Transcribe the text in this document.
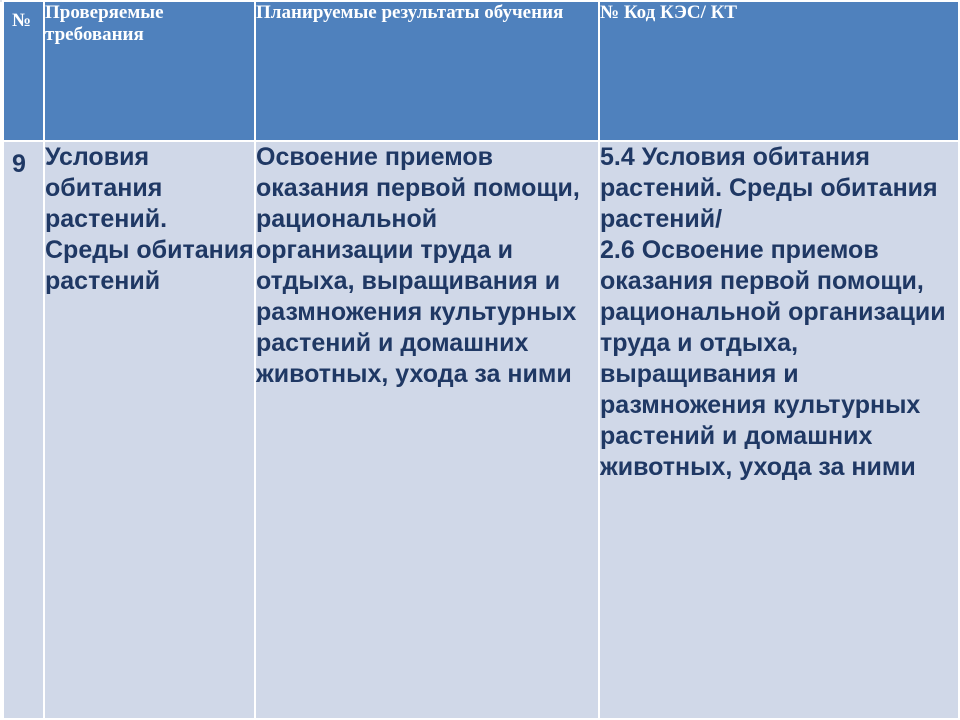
№	Проверяемые требования	Планируемые результаты обучения	№ Код КЭС/ КТ

9	Условия обитания растений. Среды обитания растений	Освоение приемов оказания первой помощи, рациональной организации труда и отдыха, выращивания и размножения культурных растений и домашних животных, ухода за ними	5.4 Условия обитания растений. Среды обитания растений/
2.6 Освоение приемов оказания первой помощи, рациональной организации
труда и отдыха, выращивания и размножения культурных растений и домашних животных, ухода за ними
